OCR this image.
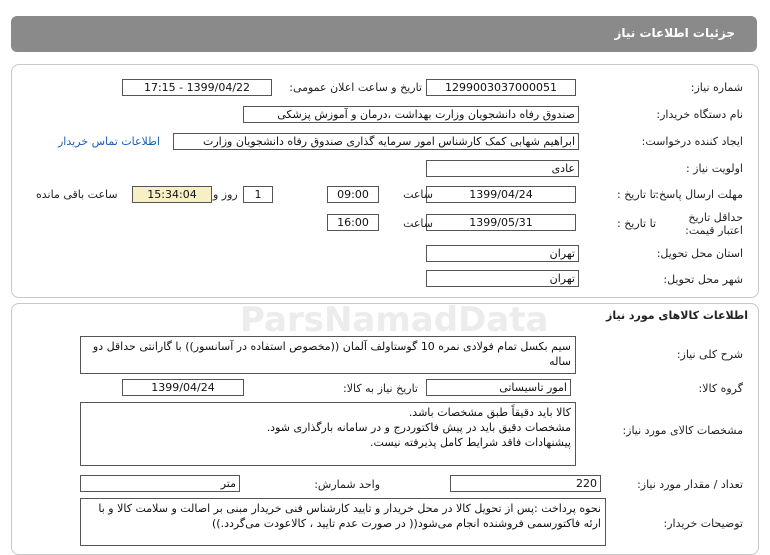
جزئیات اطلاعات نیاز
شماره نیاز:
1299003037000051
تاریخ و ساعت اعلان عمومی:
1399/04/22 - 17:15
نام دستگاه خریدار:
صندوق رفاه دانشجویان وزارت بهداشت ،درمان و آموزش پزشکی
ایجاد کننده درخواست:
ابراهیم شهابی کمک کارشناس امور سرمایه گذاری صندوق رفاه دانشجویان وزارت
اطلاعات تماس خریدار
اولویت نیاز :
عادی
مهلت ارسال پاسخ:
تا تاریخ :
1399/04/24
ساعت
09:00
1
روز و
15:34:04
ساعت باقی مانده
حداقل تاریخ اعتبار قیمت:
تا تاریخ :
1399/05/31
ساعت
16:00
استان محل تحویل:
تهران
شهر محل تحویل:
تهران
اطلاعات کالاهای مورد نیاز
شرح کلی نیاز:
سیم بکسل تمام فولادی نمره 10 گوستاولف آلمان ((مخصوص استفاده در آسانسور)) با گارانتی حداقل دو ساله
گروه کالا:
امور تاسیساتی
تاریخ نیاز به کالا:
1399/04/24
مشخصات کالای مورد نیاز:
کالا باید دقیقاً طبق مشخصات باشد.
مشخصات دقیق باید در پیش فاکتوردرج و در سامانه بارگذاری شود.
پیشنهادات فاقد شرایط کامل پذیرفته نیست.
تعداد / مقدار مورد نیاز:
220
واحد شمارش:
متر
توضیحات خریدار:
نحوه پرداخت :پس از تحویل کالا در محل خریدار و تایید کارشناس فنی خریدار مبنی بر اصالت و سلامت کالا و با ارئه فاکتورسمی فروشنده انجام می‌شود(( در صورت عدم تایید ، کالاعودت می‌گردد.))
ParsNamadData
